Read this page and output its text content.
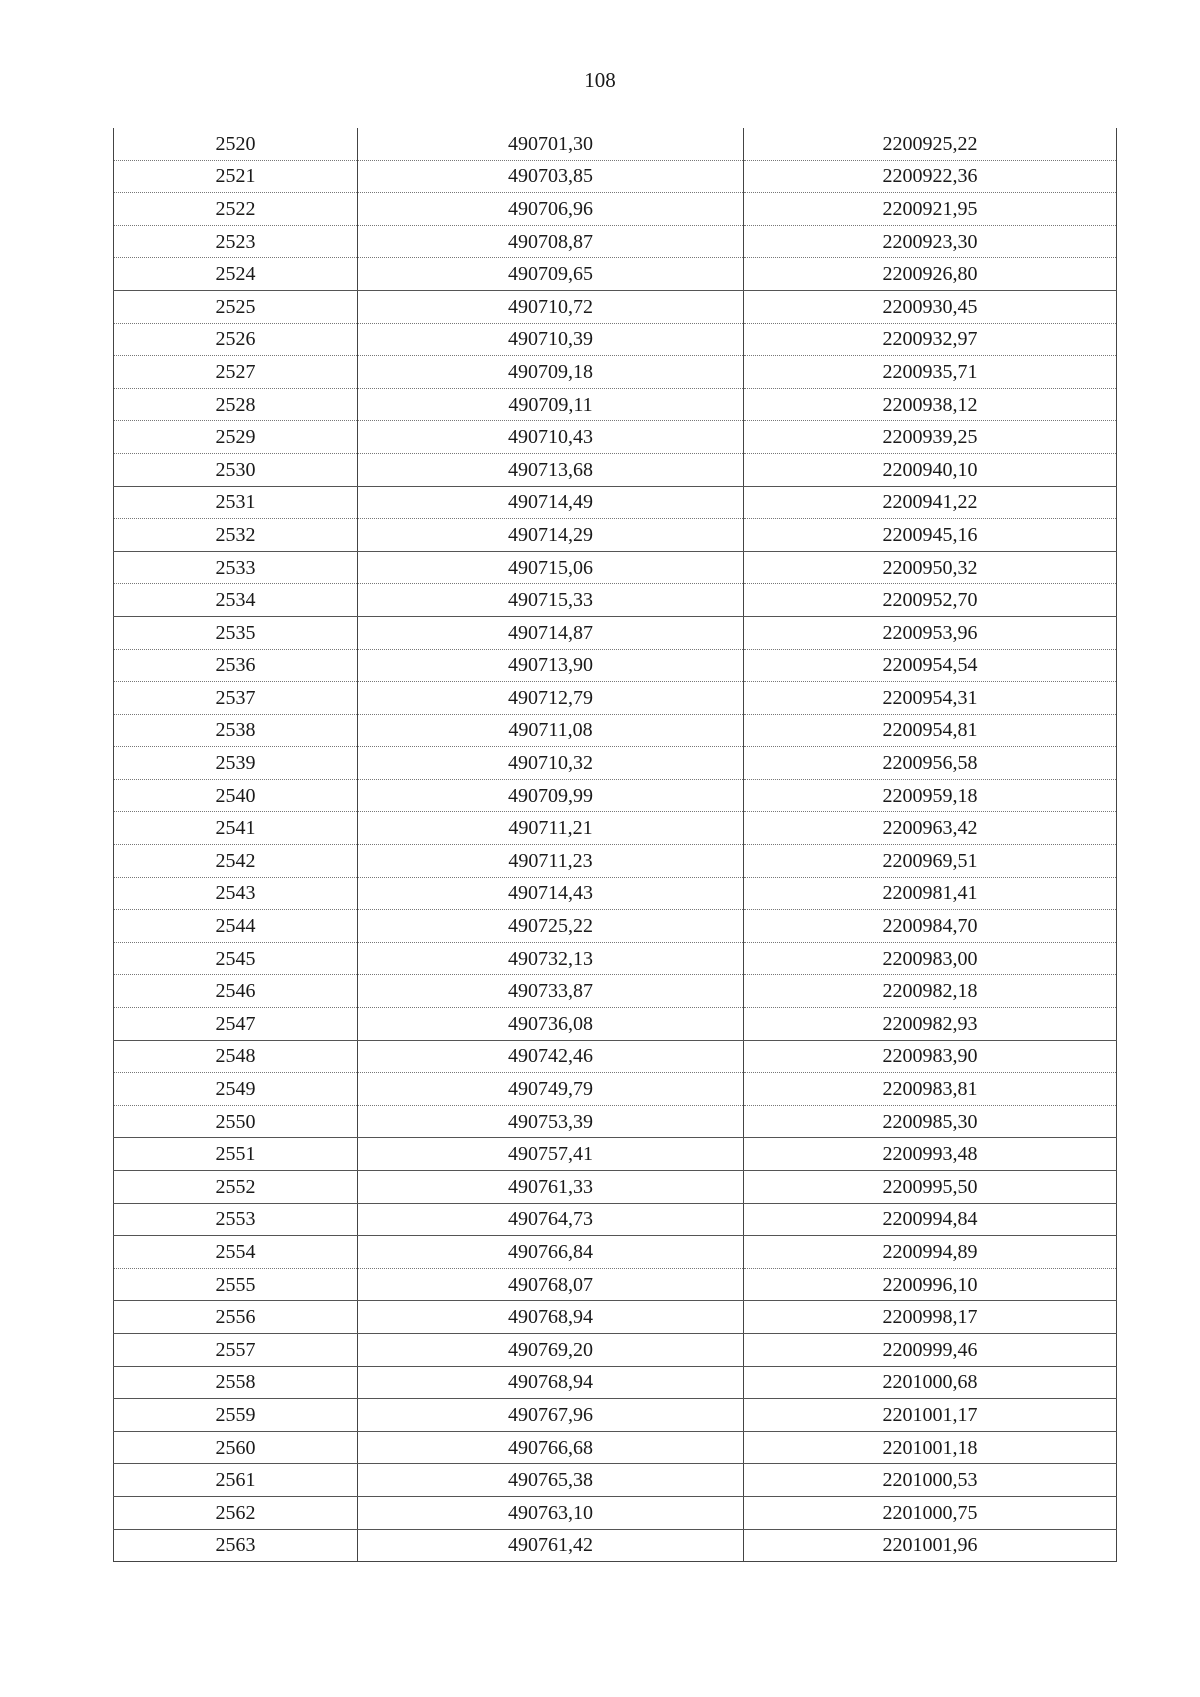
108
2520	490701,30	2200925,22
2521	490703,85	2200922,36
2522	490706,96	2200921,95
2523	490708,87	2200923,30
2524	490709,65	2200926,80
2525	490710,72	2200930,45
2526	490710,39	2200932,97
2527	490709,18	2200935,71
2528	490709,11	2200938,12
2529	490710,43	2200939,25
2530	490713,68	2200940,10
2531	490714,49	2200941,22
2532	490714,29	2200945,16
2533	490715,06	2200950,32
2534	490715,33	2200952,70
2535	490714,87	2200953,96
2536	490713,90	2200954,54
2537	490712,79	2200954,31
2538	490711,08	2200954,81
2539	490710,32	2200956,58
2540	490709,99	2200959,18
2541	490711,21	2200963,42
2542	490711,23	2200969,51
2543	490714,43	2200981,41
2544	490725,22	2200984,70
2545	490732,13	2200983,00
2546	490733,87	2200982,18
2547	490736,08	2200982,93
2548	490742,46	2200983,90
2549	490749,79	2200983,81
2550	490753,39	2200985,30
2551	490757,41	2200993,48
2552	490761,33	2200995,50
2553	490764,73	2200994,84
2554	490766,84	2200994,89
2555	490768,07	2200996,10
2556	490768,94	2200998,17
2557	490769,20	2200999,46
2558	490768,94	2201000,68
2559	490767,96	2201001,17
2560	490766,68	2201001,18
2561	490765,38	2201000,53
2562	490763,10	2201000,75
2563	490761,42	2201001,96
